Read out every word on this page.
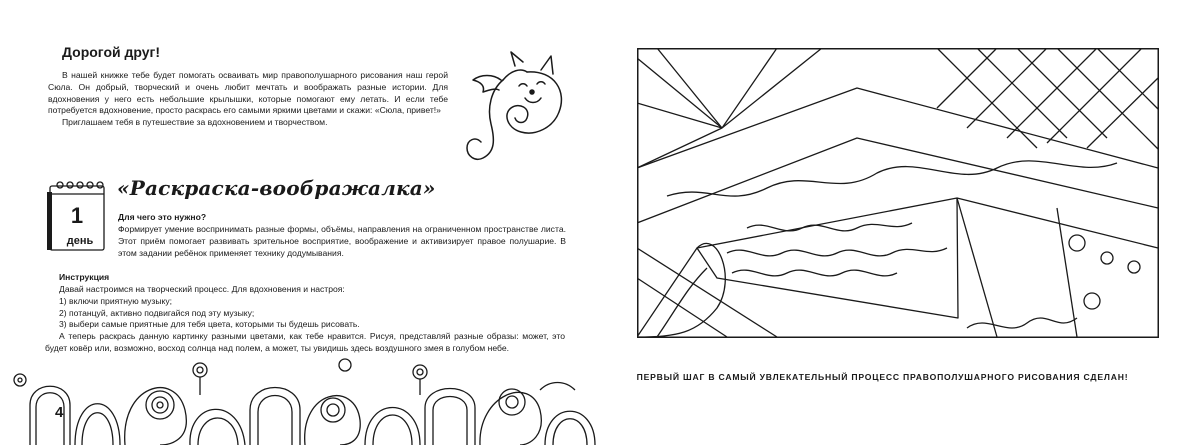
Дорогой друг!

В нашей книжке тебе будет помогать осваивать мир правополушарного рисования наш герой Сюла. Он добрый, творческий и очень любит мечтать и воображать разные истории. Для вдохновения у него есть небольшие крылышки, которые помогают ему летать. И если тебе потребуется вдохновение, просто раскрась его самыми яркими цветами и скажи: «Сюла, привет!»

Приглашаем тебя в путешествие за вдохновением и творчеством.

1
день
«Раскраска-воображалка»
Для чего это нужно?

Формирует умение воспринимать разные формы, объёмы, направления на ограниченном пространстве листа. Этот приём помогает развивать зрительное восприятие, воображение и активизирует правое полушарие. В этом задании ребёнок применяет технику додумывания.

Инструкция

Давай настроимся на творческий процесс. Для вдохновения и настроя:

1) включи приятную музыку;
2) потанцуй, активно подвигайся под эту музыку;
3) выбери самые приятные для тебя цвета, которыми ты будешь рисовать.

А теперь раскрась данную картинку разными цветами, как тебе нравится. Рисуя, представляй разные образы: может, это будет ковёр или, возможно, восход солнца над полем, а может, ты увидишь здесь воздушного змея в голубом небе.

4

ПЕРВЫЙ ШАГ В САМЫЙ УВЛЕКАТЕЛЬНЫЙ ПРОЦЕСС ПРАВОПОЛУШАРНОГО РИСОВАНИЯ СДЕЛАН!
